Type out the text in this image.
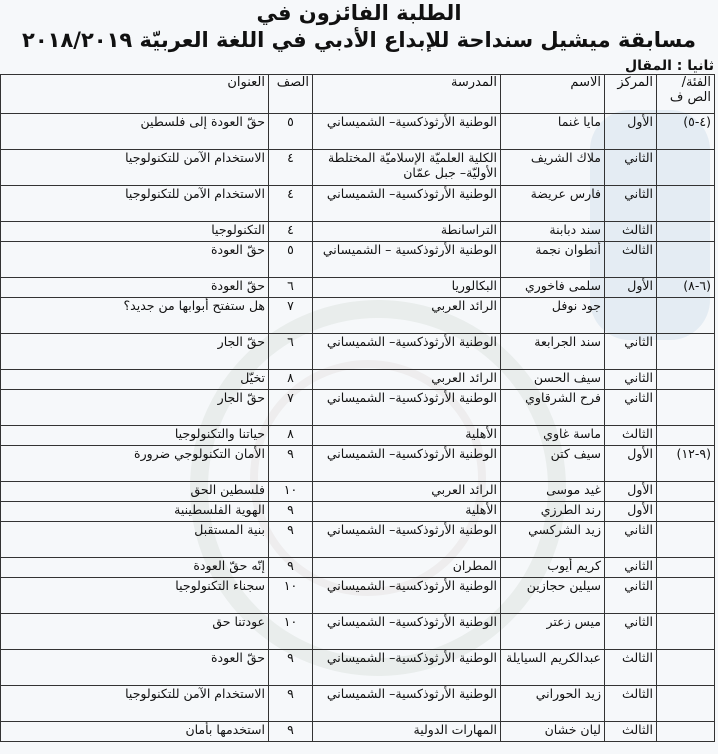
الطلبة الفائزون في
مسابقة ميشيل سنداحة للإبداع الأدبي في اللغة العربيّة ٢٠١٨/٢٠١٩
ثانيا : المقال
الفئة/الص ف	المركز	الاسم	المدرسة	الصف	العنوان
(٤-٥)	الأول	مايا غنما	الوطنية الأرثوذكسية– الشميساني	٥	حقّ العودة إلى فلسطين
	الثاني	ملاك الشريف	الكلية العلميّة الإسلاميّة المختلطة الأوليّة– جبل عمّان	٤	الاستخدام الآمن للتكنولوجيا
	الثاني	فارس عريضة	الوطنية الأرثوذكسية– الشميساني	٤	الاستخدام الآمن للتكنولوجيا
	الثالث	سند دبابنة	التراسانطة	٤	التكنولوجيا
	الثالث	أنطوان نجمة	الوطنية الأرثوذكسية – الشميساني	٥	حقّ العودة
(٦-٨)	الأول	سلمى فاخوري	البكالوريا	٦	حقّ العودة
		جود نوفل	الرائد العربي	٧	هل ستفتح أبوابها من جديد؟
	الثاني	سند الجرابعة	الوطنية الأرثوذكسية– الشميساني	٦	حقّ الجار
	الثاني	سيف الحسن	الرائد العربي	٨	تخيّل
	الثاني	فرح الشرقاوي	الوطنية الأرثوذكسية– الشميساني	٧	حقّ الجار
	الثالث	ماسة غاوي	الأهلية	٨	حياتنا والتكنولوجيا
(٩-١٢)	الأول	سيف كتن	الوطنية الأرثوذكسية– الشميساني	٩	الأمان التكنولوجي ضرورة
	الأول	غيد موسى	الرائد العربي	١٠	فلسطين الحق
	الأول	رند الطرزي	الأهلية	٩	الهوية الفلسطينية
	الثاني	زيد الشركسي	الوطنية الأرثوذكسية– الشميساني	٩	بنية المستقبل
	الثاني	كريم أيوب	المطران	٩	إنّه حقّ العودة
	الثاني	سيلين حجازين	الوطنية الأرثوذكسية– الشميساني	١٠	سجناء التكنولوجيا
	الثاني	ميس زعتر	الوطنية الأرثوذكسية– الشميساني	١٠	عودتنا حق
	الثالث	عبدالكريم السيايلة	الوطنية الأرثوذكسية– الشميساني	٩	حقّ العودة
	الثالث	زيد الحوراني	الوطنية الأرثوذكسية– الشميساني	٩	الاستخدام الآمن للتكنولوجيا
	الثالث	ليان خشان	المهارات الدولية	٩	استخدمها بأمان
